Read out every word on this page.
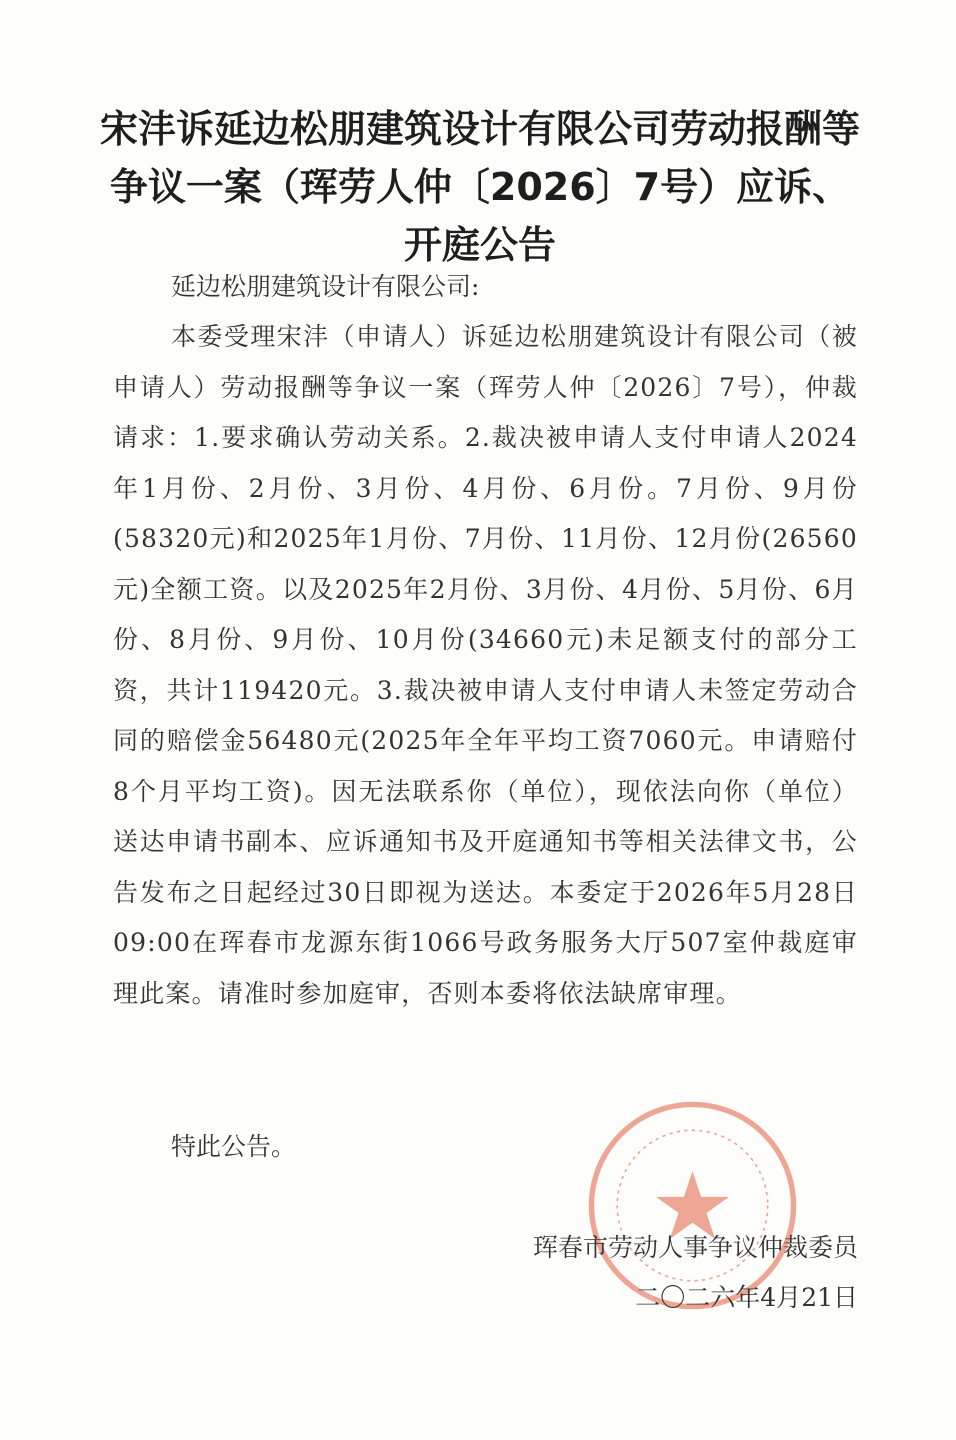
宋沣诉延边松朋建筑设计有限公司劳动报酬等争议一案（珲劳人仲〔2026〕7号）应诉、开庭公告

延边松朋建筑设计有限公司:

本委受理宋沣（申请人）诉延边松朋建筑设计有限公司（被申请人）劳动报酬等争议一案（珲劳人仲〔2026〕7号），仲裁请求：1.要求确认劳动关系。2.裁决被申请人支付申请人2024年1月份、2月份、3月份、4月份、6月份。7月份、9月份(58320元)和2025年1月份、7月份、11月份、12月份(26560元)全额工资。以及2025年2月份、3月份、4月份、5月份、6月份、8月份、9月份、10月份(34660元)未足额支付的部分工资，共计119420元。3.裁决被申请人支付申请人未签定劳动合同的赔偿金56480元(2025年全年平均工资7060元。申请赔付8个月平均工资)。因无法联系你（单位），现依法向你（单位）送达申请书副本、应诉通知书及开庭通知书等相关法律文书，公告发布之日起经过30日即视为送达。本委定于2026年5月28日09:00在珲春市龙源东街1066号政务服务大厅507室仲裁庭审理此案。请准时参加庭审，否则本委将依法缺席审理。

特此公告。

珲春市劳动人事争议仲裁委员
二〇二六年4月21日
